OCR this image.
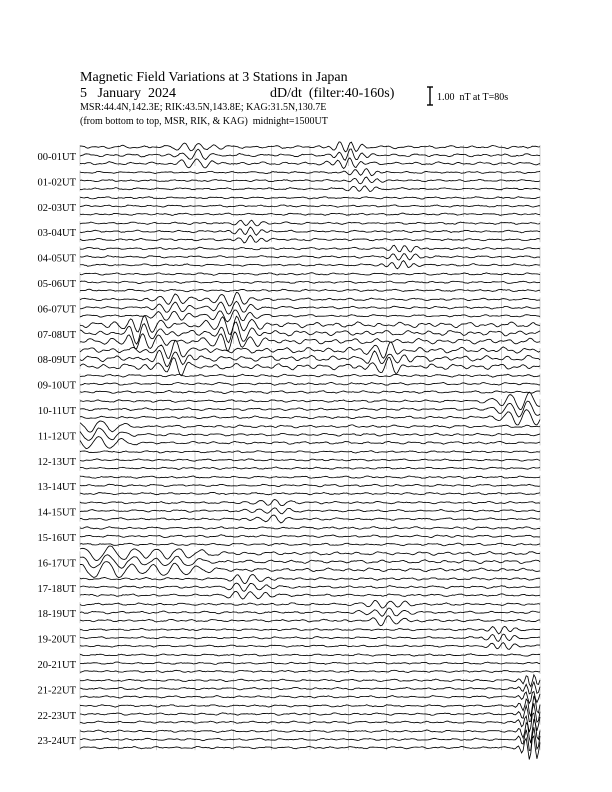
Magnetic Field Variations at 3 Stations in Japan
5   January  2024	dD/dt  (filter:40-160s)
MSR:44.4N,142.3E; RIK:43.5N,143.8E; KAG:31.5N,130.7E
(from bottom to top, MSR, RIK, & KAG)  midnight=1500UT
1.00  nT at T=80s
00-01UT
01-02UT
02-03UT
03-04UT
04-05UT
05-06UT
06-07UT
07-08UT
08-09UT
09-10UT
10-11UT
11-12UT
12-13UT
13-14UT
14-15UT
15-16UT
16-17UT
17-18UT
18-19UT
19-20UT
20-21UT
21-22UT
22-23UT
23-24UT
